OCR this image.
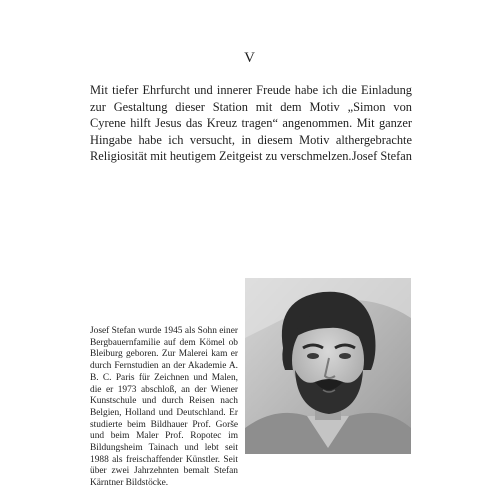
V

Mit tiefer Ehrfurcht und innerer Freude habe ich die Einladung zur Gestaltung dieser Station mit dem Motiv „Simon von Cyrene hilft Jesus das Kreuz tragen“ angenommen. Mit ganzer Hingabe habe ich versucht, in diesem Motiv althergebrachte Religiosität mit heutigem Zeitgeist zu verschmelzen. Josef Stefan

Josef Stefan wurde 1945 als Sohn einer Bergbauernfamilie auf dem Kömel ob Bleiburg geboren. Zur Malerei kam er durch Fernstudien an der Akademie A. B. C. Paris für Zeichnen und Malen, die er 1973 abschloß, an der Wiener Kunstschule und durch Reisen nach Belgien, Holland und Deutschland. Er studierte beim Bildhauer Prof. Gorše und beim Maler Prof. Ropotec im Bildungsheim Tainach und lebt seit 1988 als freischaffender Künstler. Seit über zwei Jahrzehnten bemalt Stefan Kärntner Bildstöcke.
